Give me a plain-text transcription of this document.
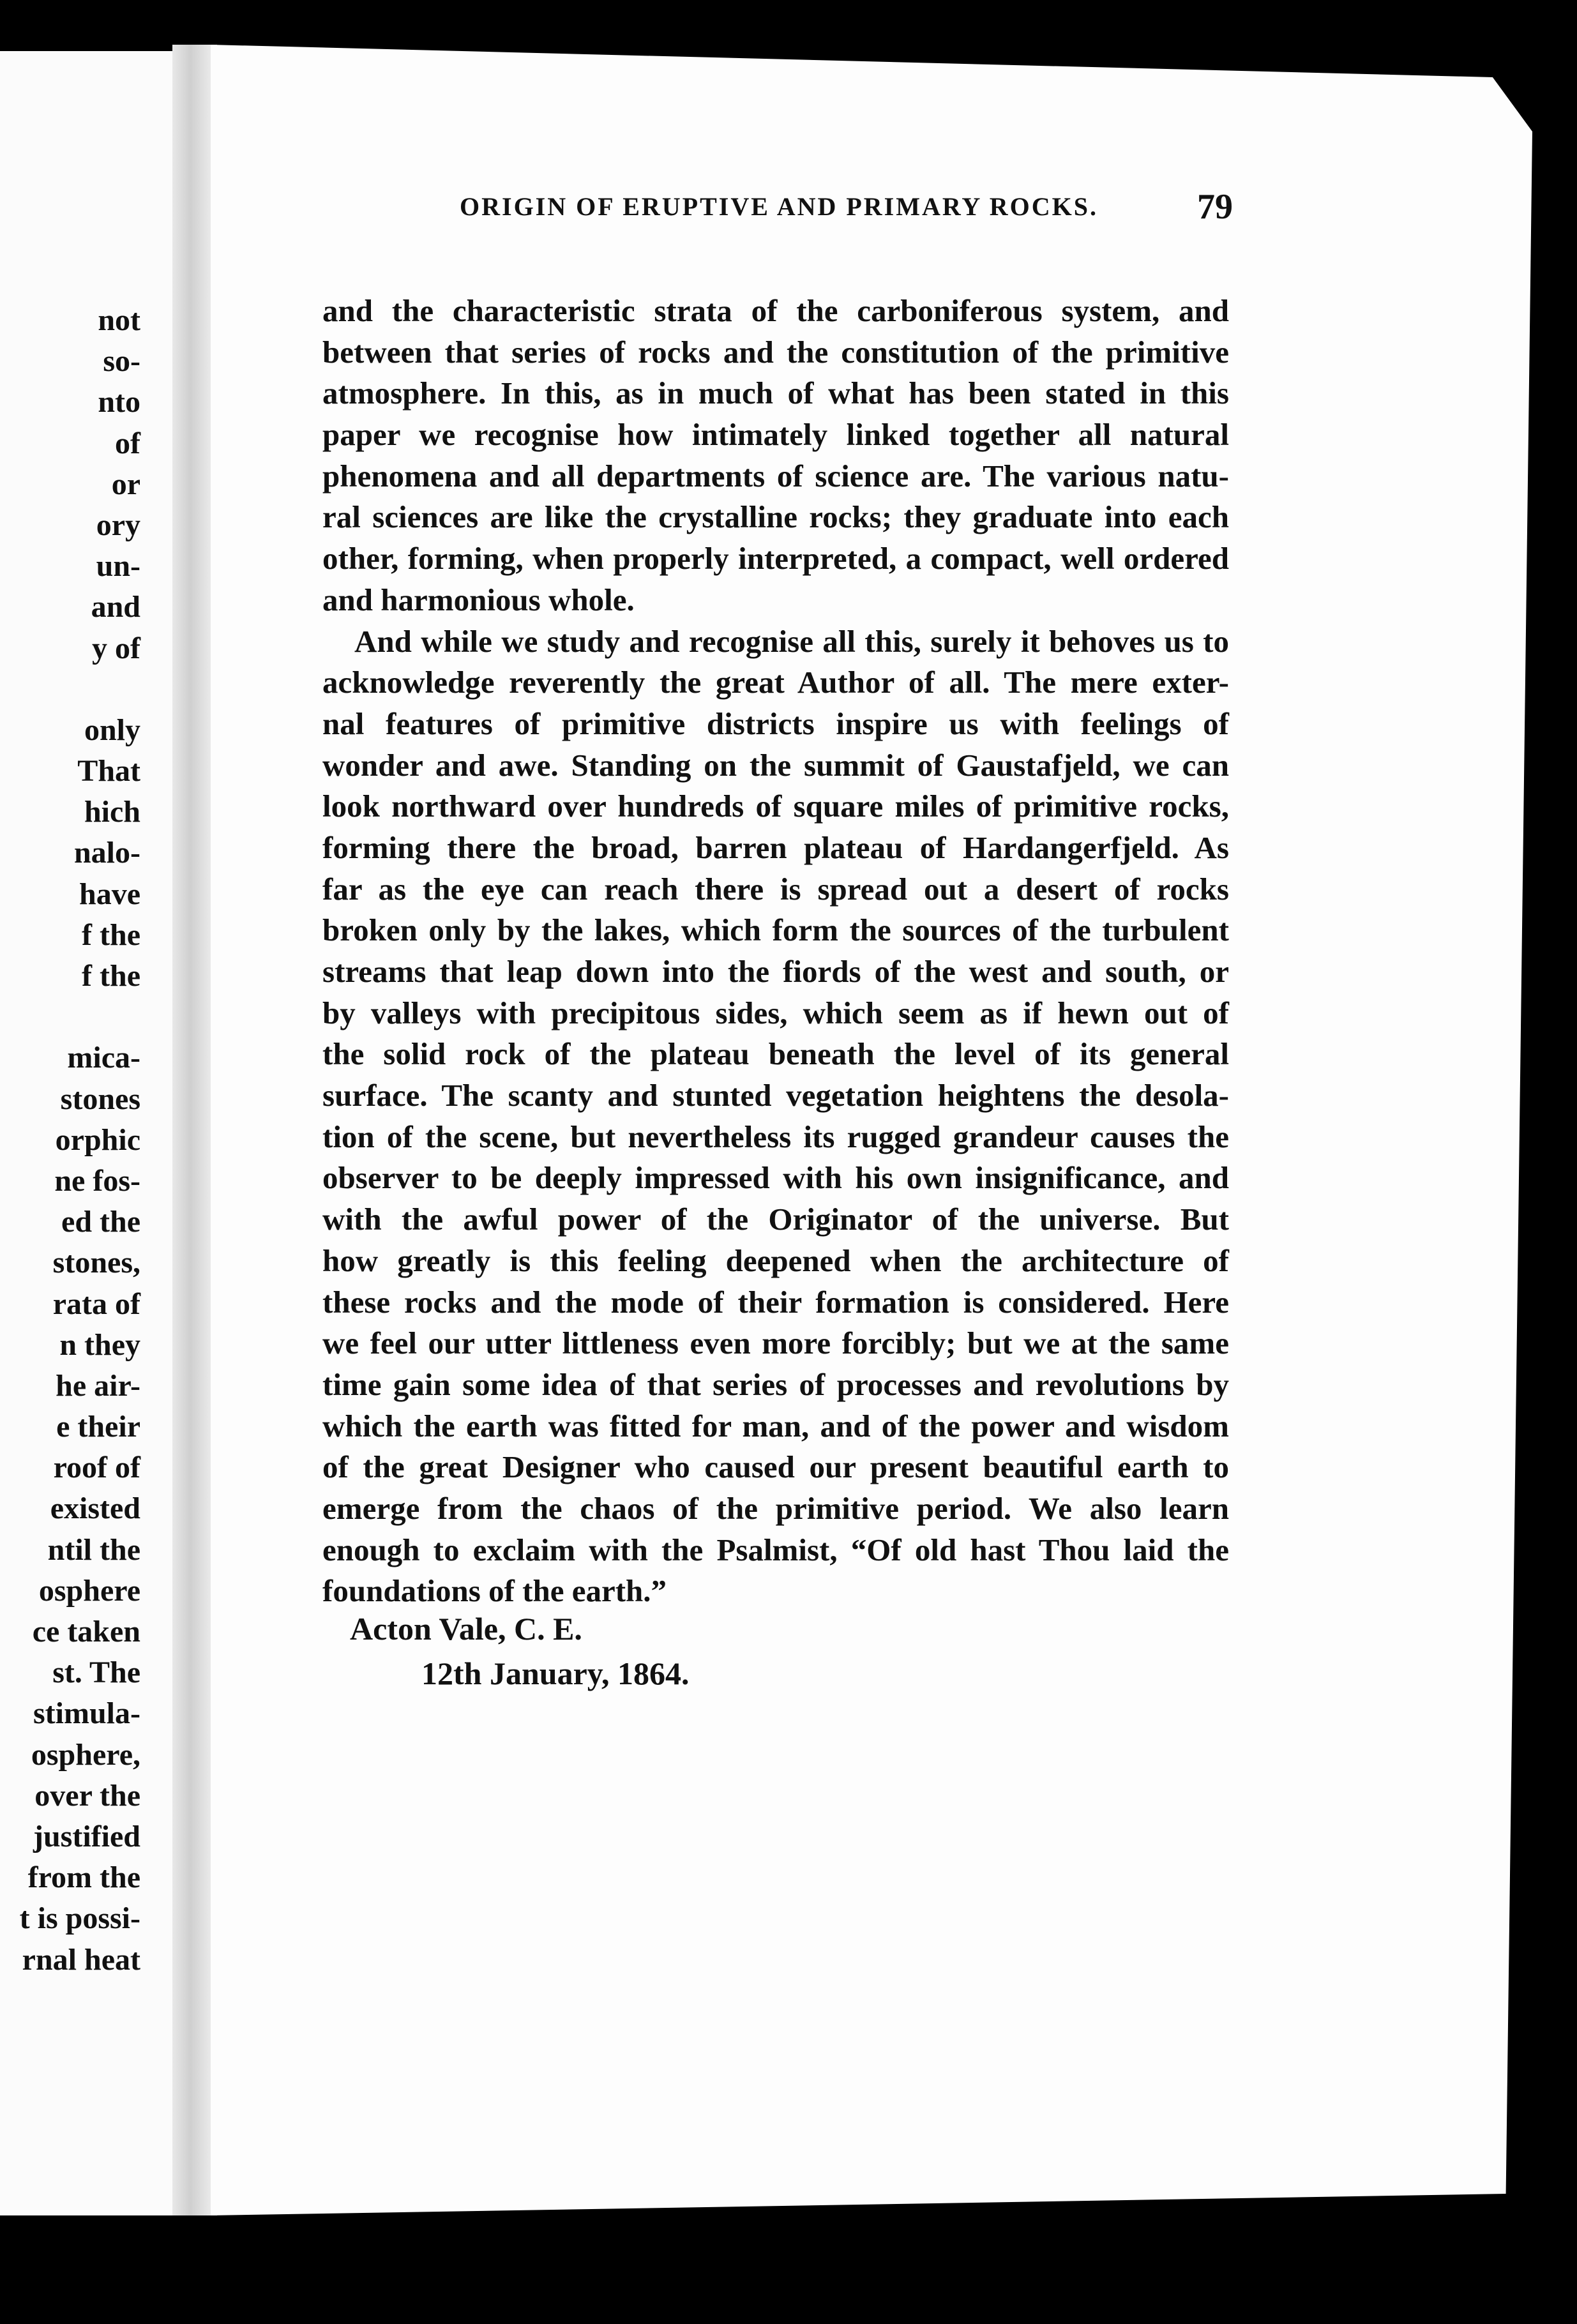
not
so-
nto
of
or
ory
un-
and
y of

only
That
hich
nalo-
have
f the
f the

mica-
stones
orphic
ne fos-
ed the
stones,
rata of
n they
he air-
e their
roof of
existed
ntil the
osphere
ce taken
st. The
stimula-
osphere,
over the
justified
from the
t is possi-
rnal heat
ORIGIN OF ERUPTIVE AND PRIMARY ROCKS.	79
and the characteristic strata of the carboniferous system, and
between that series of rocks and the constitution of the primitive
atmosphere. In this, as in much of what has been stated in this
paper we recognise how intimately linked together all natural
phenomena and all departments of science are. The various natu-
ral sciences are like the crystalline rocks; they graduate into each
other, forming, when properly interpreted, a compact, well ordered
and harmonious whole.
And while we study and recognise all this, surely it behoves us to
acknowledge reverently the great Author of all. The mere exter-
nal features of primitive districts inspire us with feelings of
wonder and awe. Standing on the summit of Gaustafjeld, we can
look northward over hundreds of square miles of primitive rocks,
forming there the broad, barren plateau of Hardangerfjeld. As
far as the eye can reach there is spread out a desert of rocks
broken only by the lakes, which form the sources of the turbulent
streams that leap down into the fiords of the west and south, or
by valleys with precipitous sides, which seem as if hewn out of
the solid rock of the plateau beneath the level of its general
surface. The scanty and stunted vegetation heightens the desola-
tion of the scene, but nevertheless its rugged grandeur causes the
observer to be deeply impressed with his own insignificance, and
with the awful power of the Originator of the universe. But
how greatly is this feeling deepened when the architecture of
these rocks and the mode of their formation is considered. Here
we feel our utter littleness even more forcibly; but we at the same
time gain some idea of that series of processes and revolutions by
which the earth was fitted for man, and of the power and wisdom
of the great Designer who caused our present beautiful earth to
emerge from the chaos of the primitive period. We also learn
enough to exclaim with the Psalmist, “Of old hast Thou laid the
foundations of the earth.”
Acton Vale, C. E.
12th January, 1864.
